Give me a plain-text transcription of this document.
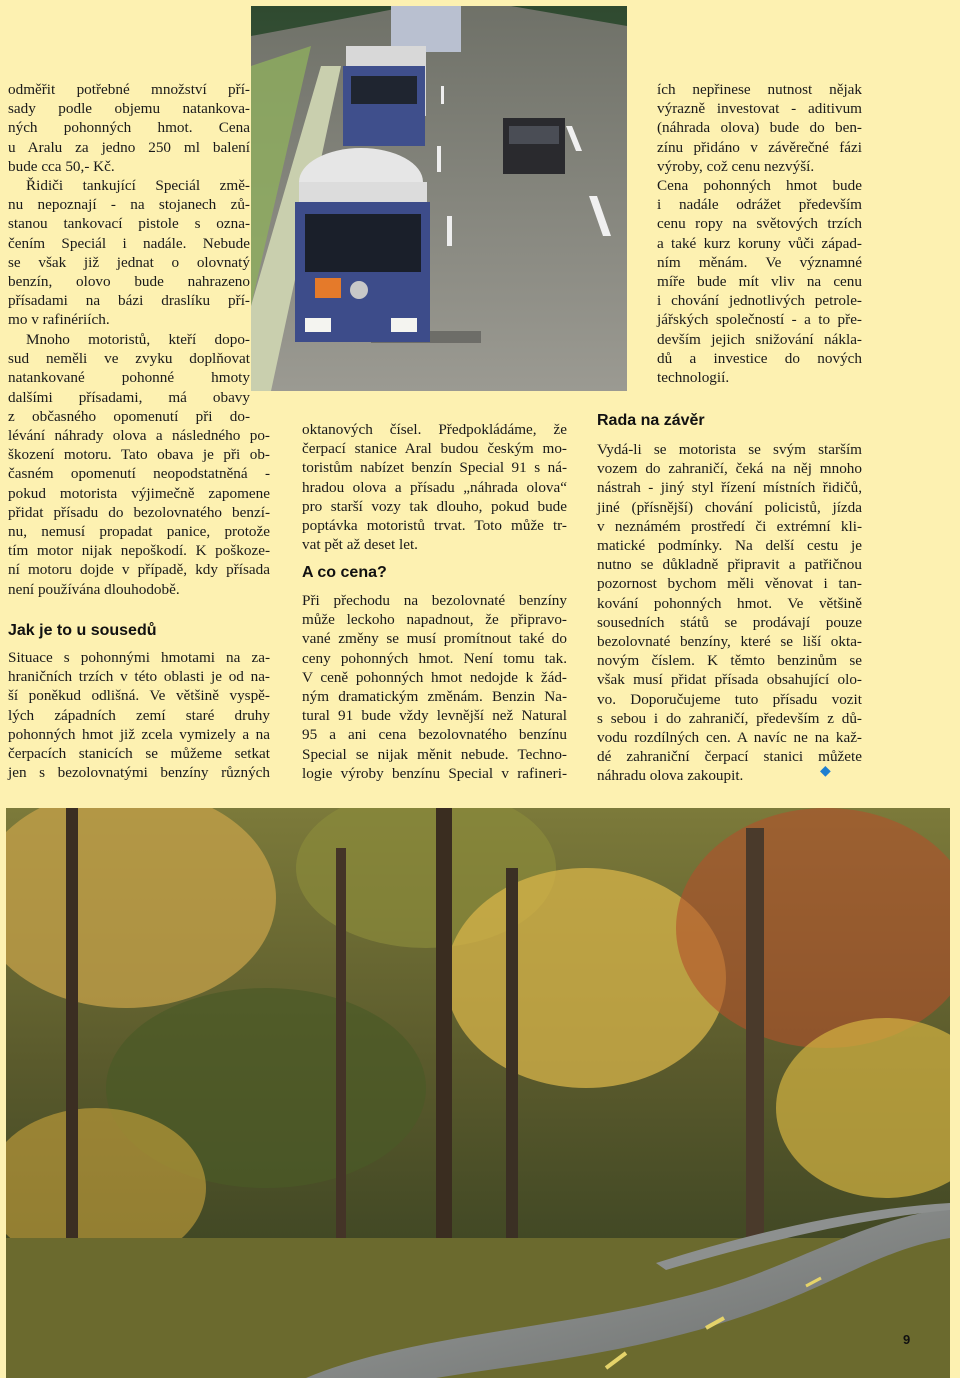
odměřit potřebné množství pří-
sady podle objemu natankova-
ných pohonných hmot. Cena
u Aralu za jedno 250 ml balení
bude cca 50,- Kč.
Řidiči tankující Speciál změ-
nu nepoznají - na stojanech zů-
stanou tankovací pistole s ozna-
čením Speciál i nadále. Nebude
se však již jednat o olovnatý
benzín, olovo bude nahrazeno
přísadami na bázi draslíku pří-
mo v rafinériích.
Mnoho motoristů, kteří dopo-
sud neměli ve zvyku doplňovat
natankované pohonné hmoty
dalšími přísadami, má obavy
z občasného opomenutí při do-
lévání náhrady olova a následného po-
škození motoru. Tato obava je při ob-
časném opomenutí neopodstatněná -
pokud motorista výjimečně zapomene
přidat přísadu do bezolovnatého benzí-
nu, nemusí propadat panice, protože
tím motor nijak nepoškodí. K poškoze-
ní motoru dojde v případě, kdy přísada
není používána dlouhodobě.
Jak je to u sousedů
Situace s pohonnými hmotami na za-
hraničních trzích v této oblasti je od na-
ší poněkud odlišná. Ve většině vyspě-
lých západních zemí staré druhy
pohonných hmot již zcela vymizely a na
čerpacích stanicích se můžeme setkat
jen s bezolovnatými benzíny různých
oktanových čísel. Předpokládáme, že
čerpací stanice Aral budou českým mo-
toristům nabízet benzín Special 91 s ná-
hradou olova a přísadu „náhrada olova“
pro starší vozy tak dlouho, pokud bude
poptávka motoristů trvat. Toto může tr-
vat pět až deset let.
A co cena?
Při přechodu na bezolovnaté benzíny
může leckoho napadnout, že připravo-
vané změny se musí promítnout také do
ceny pohonných hmot. Není tomu tak.
V ceně pohonných hmot nedojde k žád-
ným dramatickým změnám. Benzin Na-
tural 91 bude vždy levnější než Natural
95 a ani cena bezolovnatého benzínu
Special se nijak měnit nebude. Techno-
logie výroby benzínu Special v rafineri-
ích nepřinese nutnost nějak
výrazně investovat - aditivum
(náhrada olova) bude do ben-
zínu přidáno v závěrečné fázi
výroby, což cenu nezvýší.
Cena pohonných hmot bude
i nadále odrážet především
cenu ropy na světových trzích
a také kurz koruny vůči západ-
ním měnám. Ve významné
míře bude mít vliv na cenu
i chování jednotlivých petrole-
jářských společností - a to pře-
devším jejich snižování nákla-
dů a investice do nových
technologií.
Rada na závěr
Vydá-li se motorista se svým starším
vozem do zahraničí, čeká na něj mnoho
nástrah - jiný styl řízení místních řidičů,
jiné (přísnější) chování policistů, jízda
v neznámém prostředí či extrémní kli-
matické podmínky. Na delší cestu je
nutno se důkladně připravit a patřičnou
pozornost bychom měli věnovat i tan-
kování pohonných hmot. Ve většině
sousedních států se prodávají pouze
bezolovnaté benzíny, které se liší okta-
novým číslem. K těmto benzinům se
však musí přidat přísada obsahující olo-
vo. Doporučujeme tuto přísadu vozit
s sebou i do zahraničí, především z dů-
vodu rozdílných cen. A navíc ne na kaž-
dé zahraniční čerpací stanici můžete
náhradu olova zakoupit.	◆
9
